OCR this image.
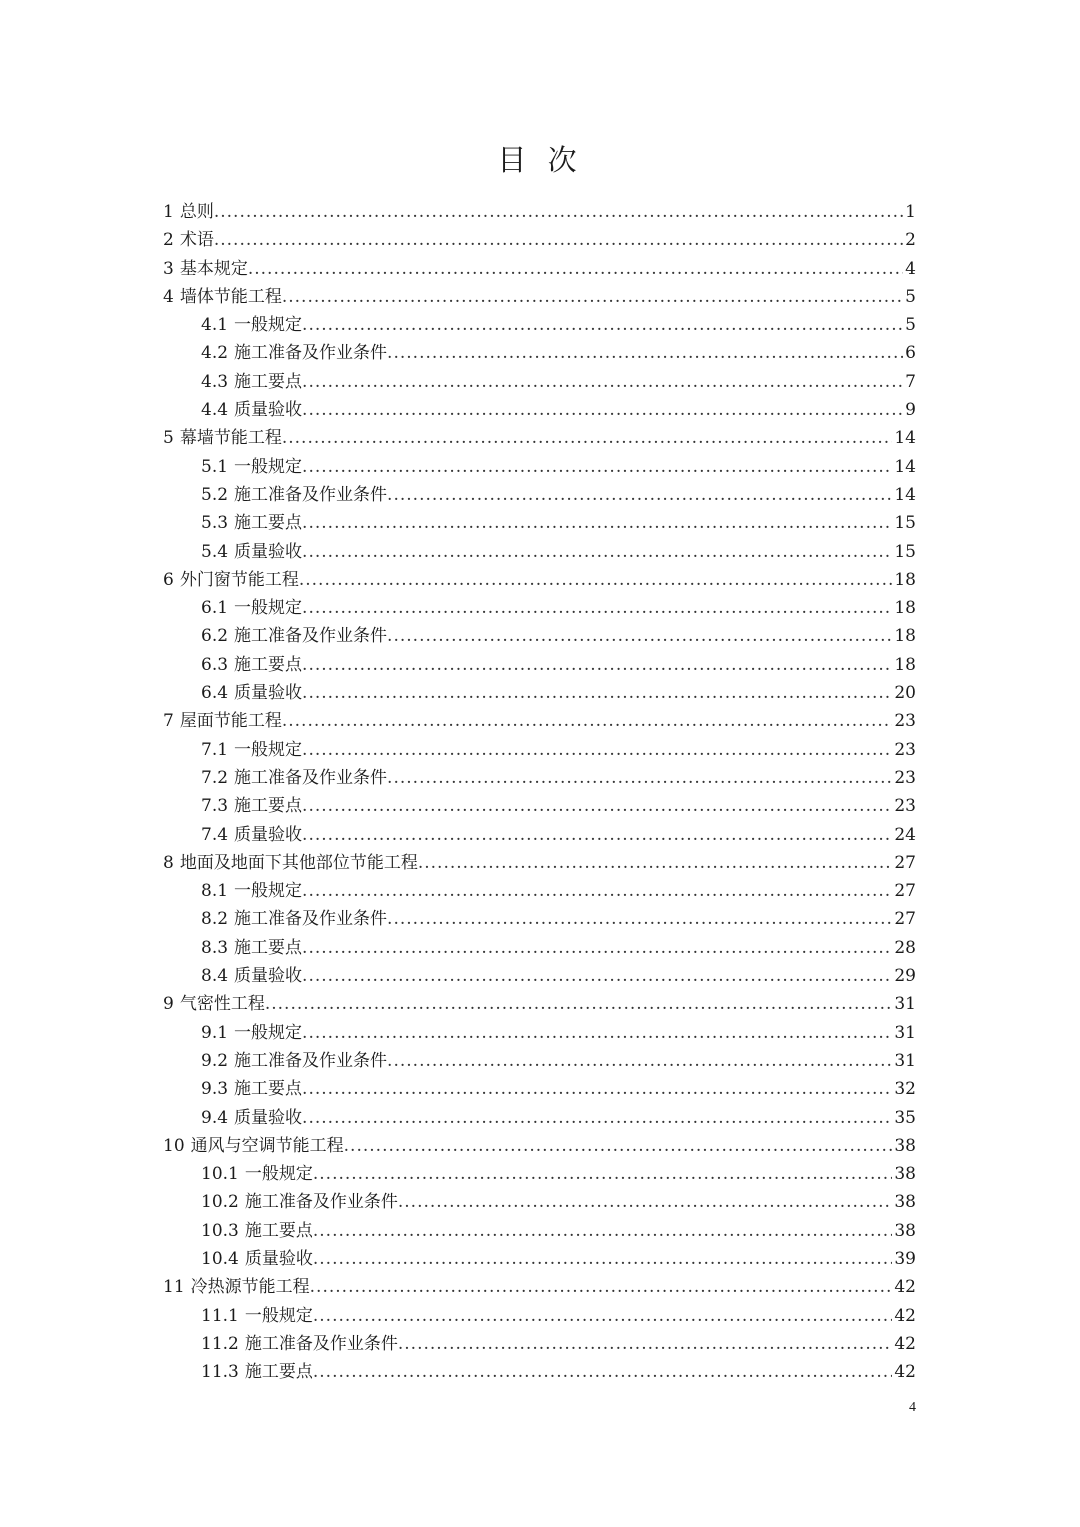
目 次
1 总则 .....	1
2 术语 .....	2
3 基本规定 .....	4
4 墙体节能工程 .....	5
4.1 一般规定 .....	5
4.2 施工准备及作业条件 .....	6
4.3 施工要点 .....	7
4.4 质量验收 .....	9
5 幕墙节能工程 .....	14
5.1 一般规定 .....	14
5.2 施工准备及作业条件 .....	14
5.3 施工要点 .....	15
5.4 质量验收 .....	15
6 外门窗节能工程 .....	18
6.1 一般规定 .....	18
6.2 施工准备及作业条件 .....	18
6.3 施工要点 .....	18
6.4 质量验收 .....	20
7 屋面节能工程 .....	23
7.1 一般规定 .....	23
7.2 施工准备及作业条件 .....	23
7.3 施工要点 .....	23
7.4 质量验收 .....	24
8 地面及地面下其他部位节能工程 .....	27
8.1 一般规定 .....	27
8.2 施工准备及作业条件 .....	27
8.3 施工要点 .....	28
8.4 质量验收 .....	29
9 气密性工程 .....	31
9.1 一般规定 .....	31
9.2 施工准备及作业条件 .....	31
9.3 施工要点 .....	32
9.4 质量验收 .....	35
10 通风与空调节能工程 .....	38
10.1 一般规定 .....	38
10.2 施工准备及作业条件 .....	38
10.3 施工要点 .....	38
10.4 质量验收 .....	39
11 冷热源节能工程 .....	42
11.1 一般规定 .....	42
11.2 施工准备及作业条件 .....	42
11.3 施工要点 .....	42
4
